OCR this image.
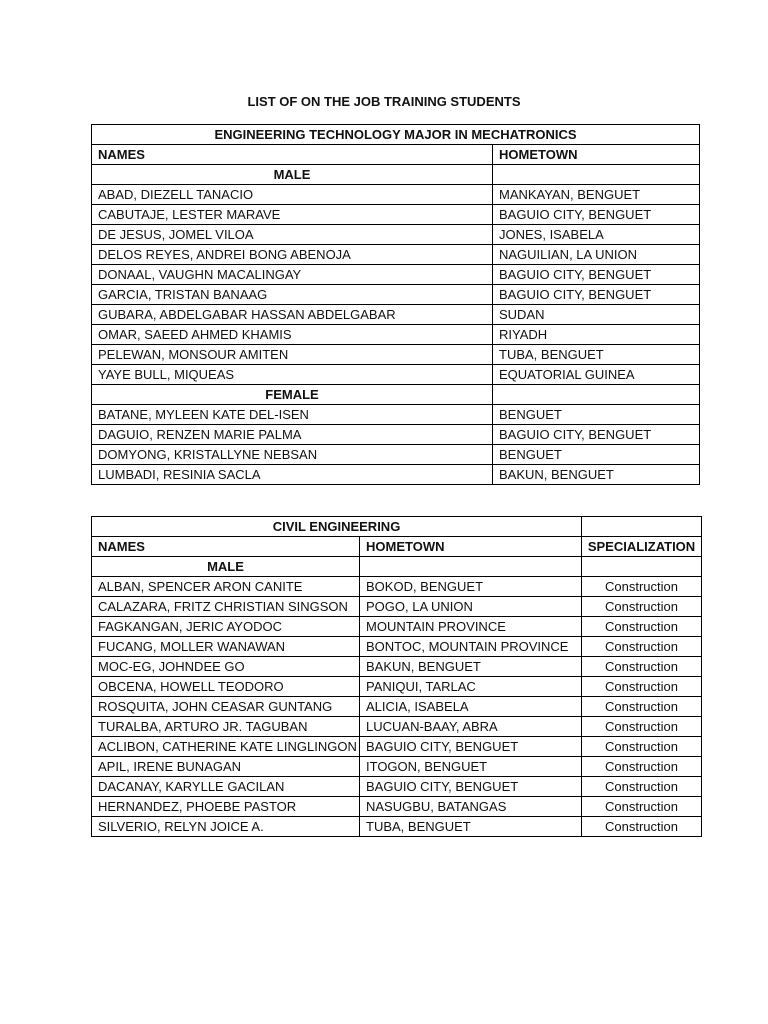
LIST OF ON THE JOB TRAINING STUDENTS
ENGINEERING TECHNOLOGY MAJOR IN MECHATRONICS	
NAMES	HOMETOWN
MALE	
ABAD, DIEZELL TANACIO	MANKAYAN, BENGUET
CABUTAJE, LESTER MARAVE	BAGUIO CITY, BENGUET
DE JESUS, JOMEL VILOA	JONES, ISABELA
DELOS REYES, ANDREI BONG ABENOJA	NAGUILIAN, LA UNION
DONAAL, VAUGHN MACALINGAY	BAGUIO CITY, BENGUET
GARCIA, TRISTAN BANAAG	BAGUIO CITY, BENGUET
GUBARA, ABDELGABAR HASSAN ABDELGABAR	SUDAN
OMAR, SAEED AHMED KHAMIS	RIYADH
PELEWAN, MONSOUR AMITEN	TUBA, BENGUET
YAYE BULL, MIQUEAS	EQUATORIAL GUINEA
FEMALE	
BATANE, MYLEEN KATE DEL-ISEN	BENGUET
DAGUIO, RENZEN MARIE PALMA	BAGUIO CITY, BENGUET
DOMYONG, KRISTALLYNE NEBSAN	BENGUET
LUMBADI, RESINIA SACLA	BAKUN, BENGUET
CIVIL ENGINEERING		
NAMES	HOMETOWN	SPECIALIZATION
MALE		
ALBAN, SPENCER ARON CANITE	BOKOD, BENGUET	Construction
CALAZARA, FRITZ CHRISTIAN SINGSON	POGO, LA UNION	Construction
FAGKANGAN, JERIC AYODOC	MOUNTAIN PROVINCE	Construction
FUCANG, MOLLER WANAWAN	BONTOC, MOUNTAIN PROVINCE	Construction
MOC-EG, JOHNDEE GO	BAKUN, BENGUET	Construction
OBCENA, HOWELL TEODORO	PANIQUI, TARLAC	Construction
ROSQUITA, JOHN CEASAR GUNTANG	ALICIA, ISABELA	Construction
TURALBA, ARTURO JR. TAGUBAN	LUCUAN-BAAY, ABRA	Construction
ACLIBON, CATHERINE KATE LINGLINGON	BAGUIO CITY, BENGUET	Construction
APIL, IRENE BUNAGAN	ITOGON, BENGUET	Construction
DACANAY, KARYLLE GACILAN	BAGUIO CITY, BENGUET	Construction
HERNANDEZ, PHOEBE PASTOR	NASUGBU, BATANGAS	Construction
SILVERIO, RELYN JOICE A.	TUBA, BENGUET	Construction
